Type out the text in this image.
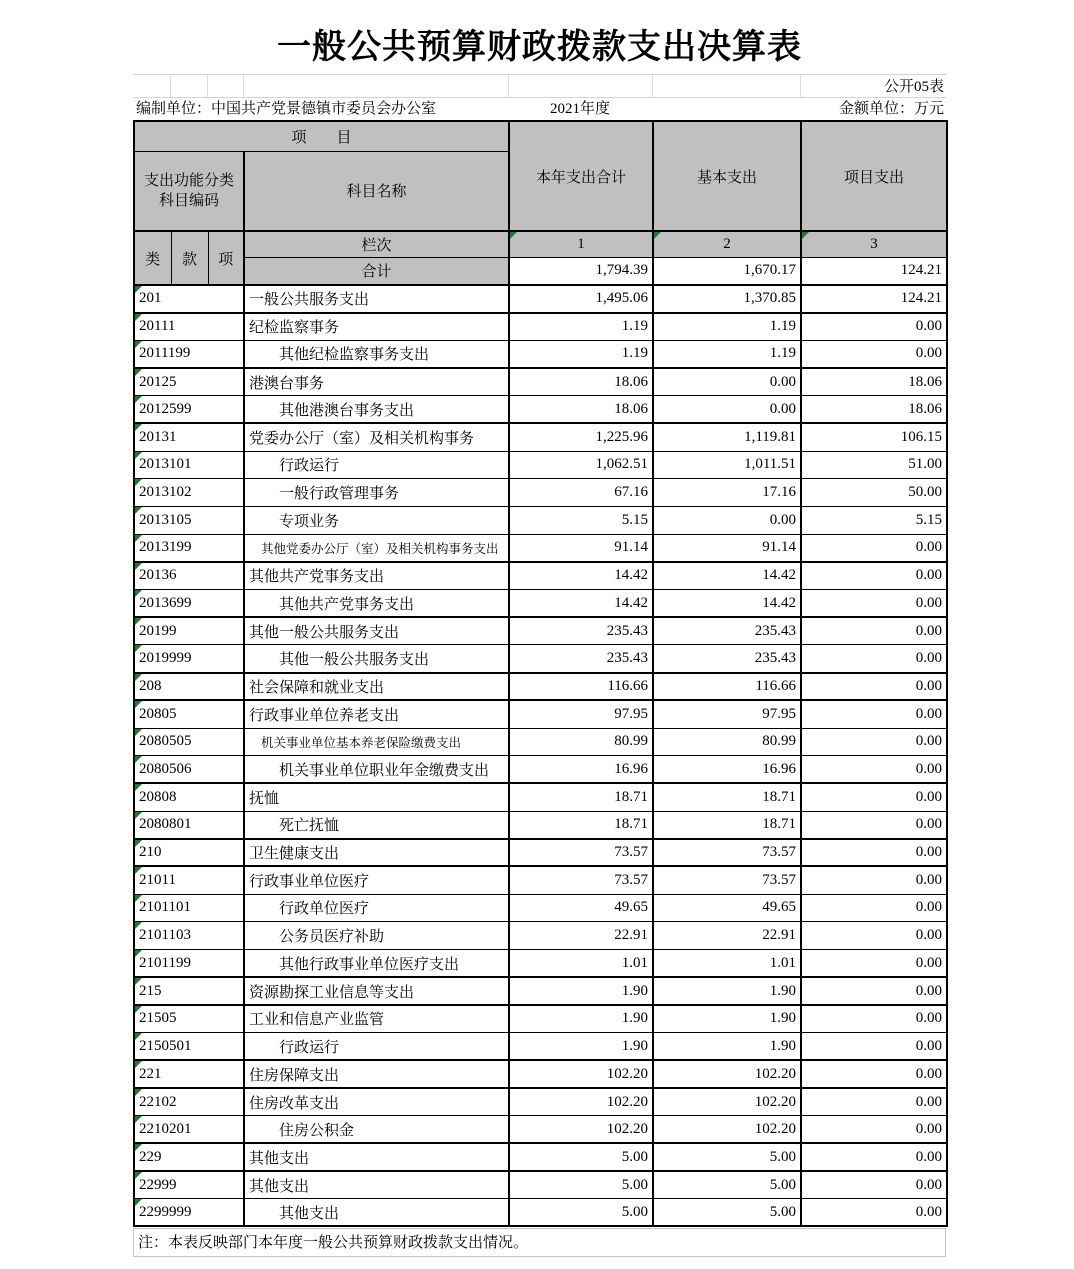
一般公共预算财政拨款支出决算表
公开05表
编制单位：中国共产党景德镇市委员会办公室	2021年度	金额单位：万元
项　　目				本年支出合计	基本支出	项目支出

支出功能分类
科目编码			科目名称			
类	款	项	栏次	1	2	3
			合计	1,794.39	1,670.17	124.21

201			一般公共服务支出	1,495.06	1,370.85	124.21

20111			纪检监察事务	1.19	1.19	0.00

2011199			其他纪检监察事务支出	1.19	1.19	0.00

20125			港澳台事务	18.06	0.00	18.06

2012599			其他港澳台事务支出	18.06	0.00	18.06

20131			党委办公厅（室）及相关机构事务	1,225.96	1,119.81	106.15

2013101			行政运行	1,062.51	1,011.51	51.00

2013102			一般行政管理事务	67.16	17.16	50.00

2013105			专项业务	5.15	0.00	5.15

2013199			其他党委办公厅（室）及相关机构事务支出	91.14	91.14	0.00

20136			其他共产党事务支出	14.42	14.42	0.00

2013699			其他共产党事务支出	14.42	14.42	0.00

20199			其他一般公共服务支出	235.43	235.43	0.00

2019999			其他一般公共服务支出	235.43	235.43	0.00

208			社会保障和就业支出	116.66	116.66	0.00

20805			行政事业单位养老支出	97.95	97.95	0.00

2080505			机关事业单位基本养老保险缴费支出	80.99	80.99	0.00

2080506			机关事业单位职业年金缴费支出	16.96	16.96	0.00

20808			抚恤	18.71	18.71	0.00

2080801			死亡抚恤	18.71	18.71	0.00

210			卫生健康支出	73.57	73.57	0.00

21011			行政事业单位医疗	73.57	73.57	0.00

2101101			行政单位医疗	49.65	49.65	0.00

2101103			公务员医疗补助	22.91	22.91	0.00

2101199			其他行政事业单位医疗支出	1.01	1.01	0.00

215			资源勘探工业信息等支出	1.90	1.90	0.00

21505			工业和信息产业监管	1.90	1.90	0.00

2150501			行政运行	1.90	1.90	0.00

221			住房保障支出	102.20	102.20	0.00

22102			住房改革支出	102.20	102.20	0.00

2210201			住房公积金	102.20	102.20	0.00

229			其他支出	5.00	5.00	0.00

22999			其他支出	5.00	5.00	0.00

2299999			其他支出	5.00	5.00	0.00
注：本表反映部门本年度一般公共预算财政拨款支出情况。
